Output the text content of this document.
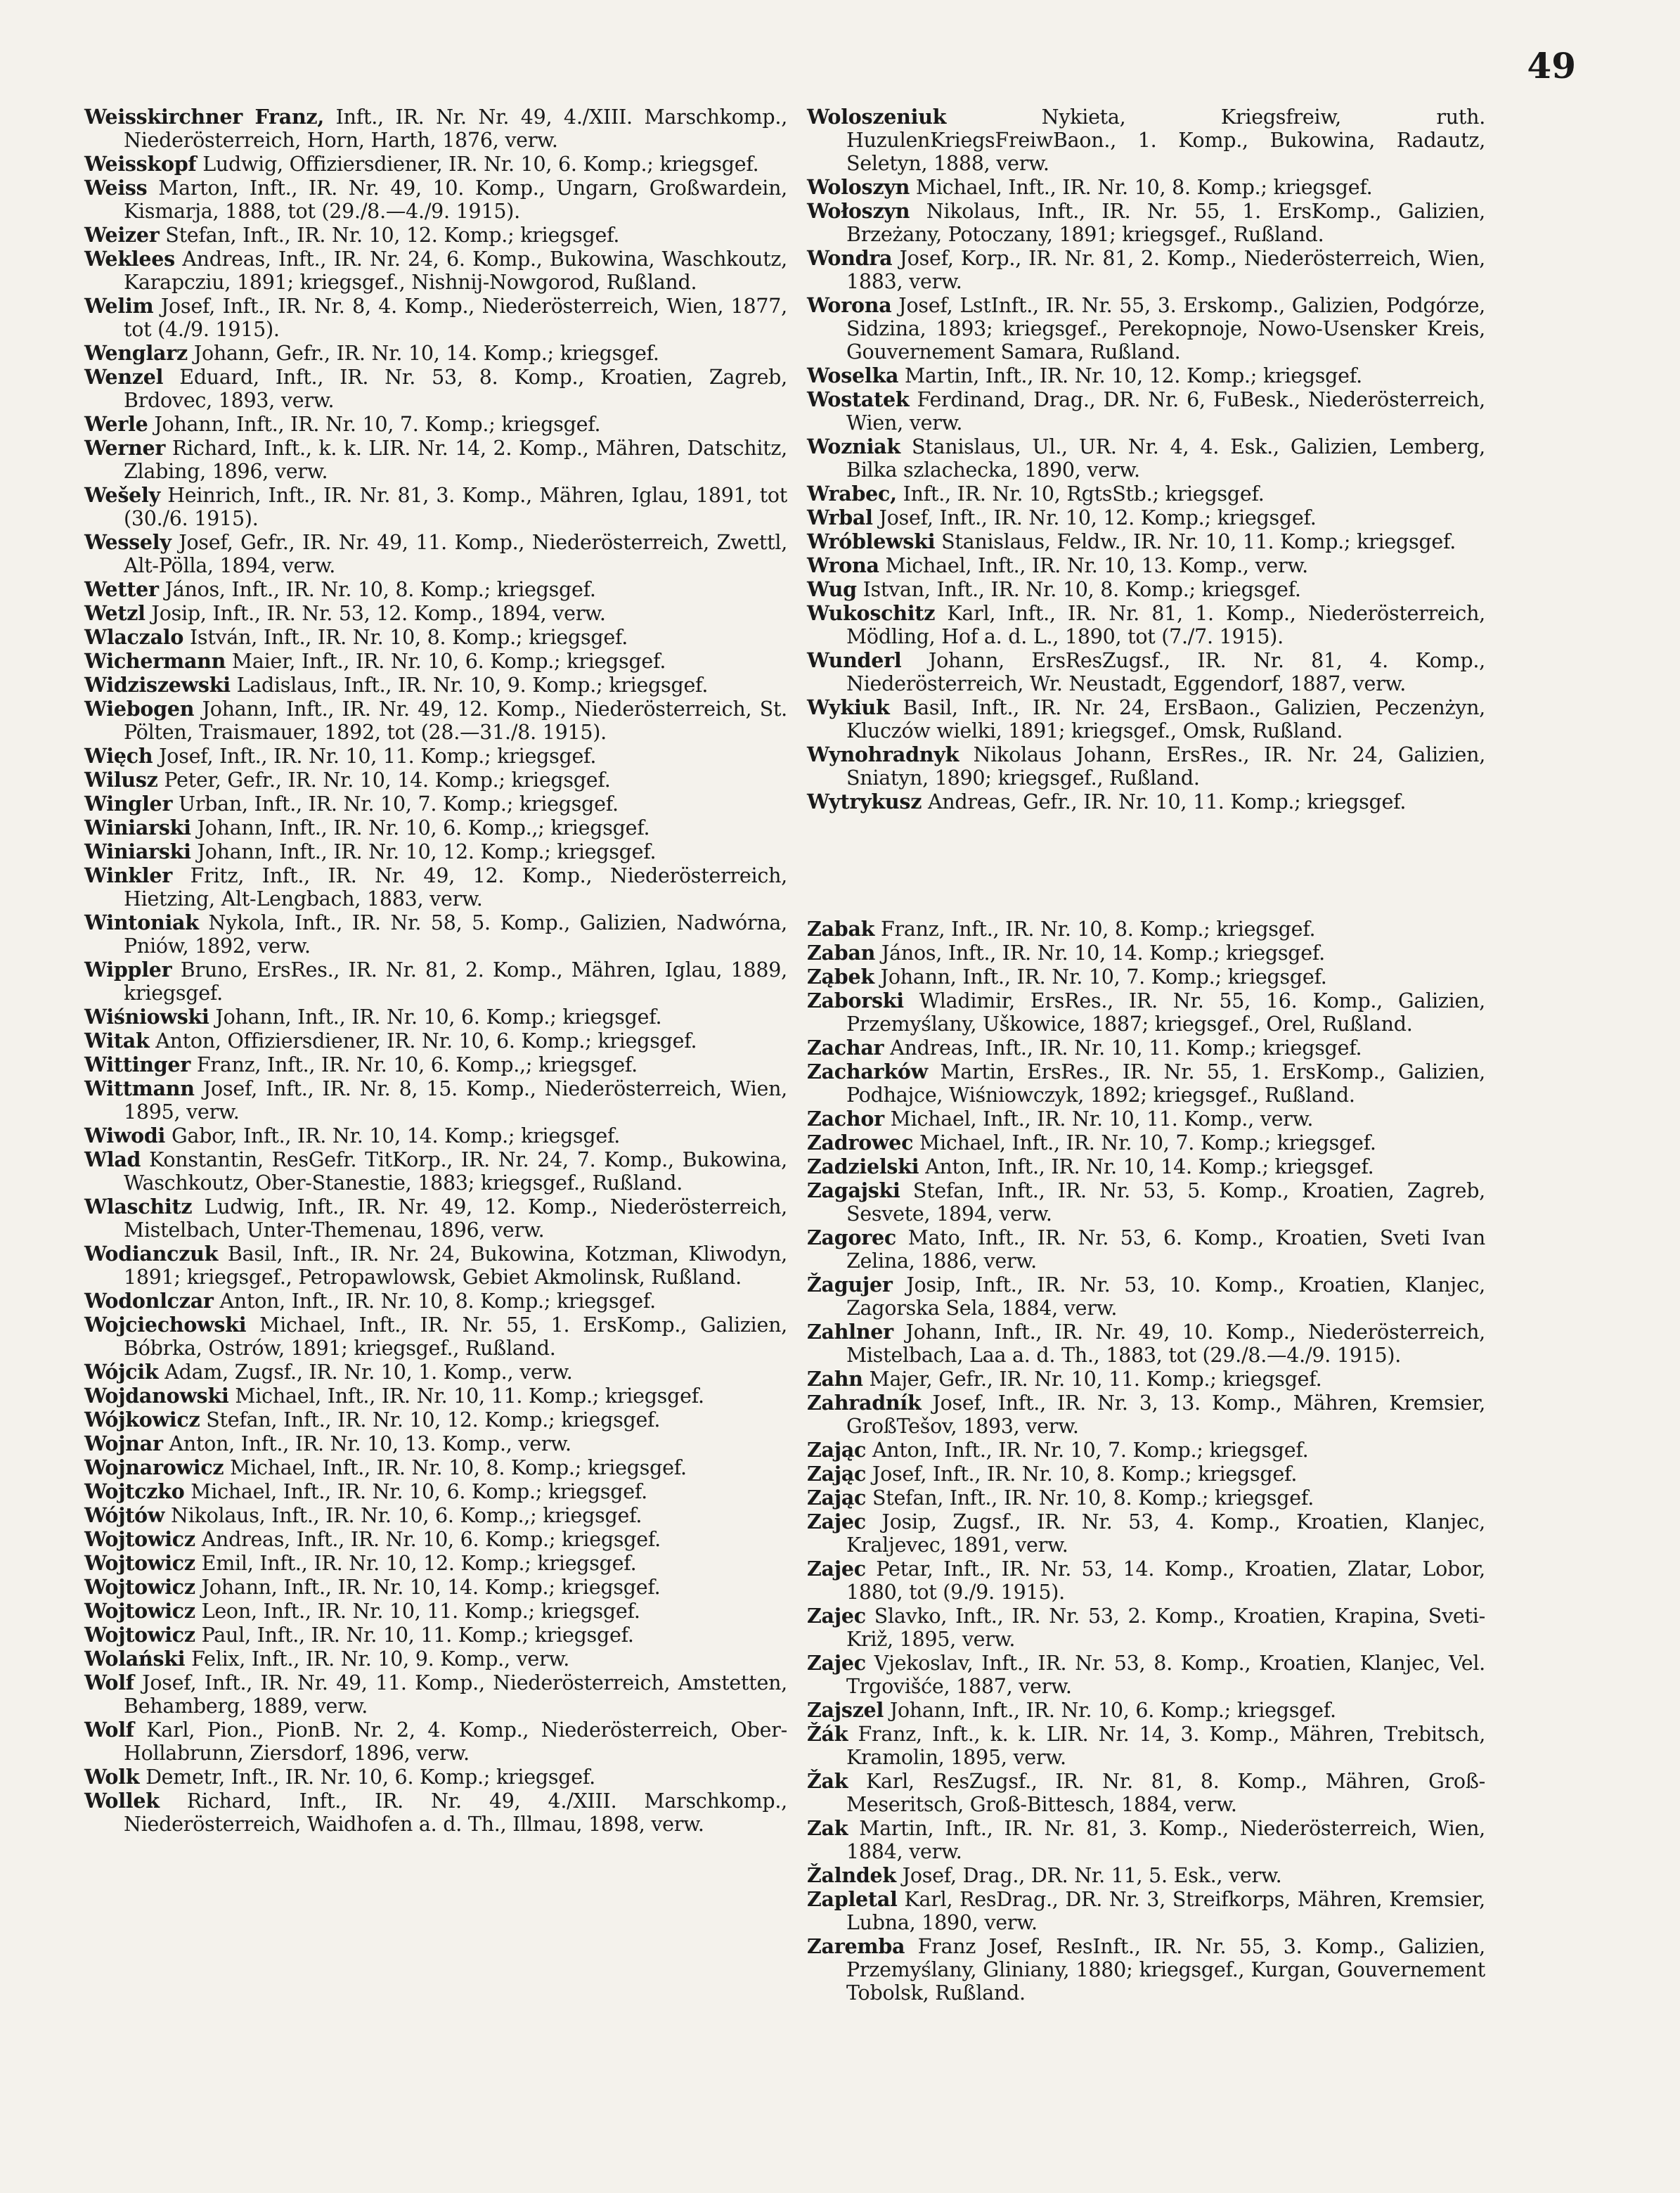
49

Weisskirchner Franz, Inft., IR. Nr. Nr. 49, 4./XIII. Marschkomp., Niederösterreich, Horn, Harth, 1876, verw.

Weisskopf Ludwig, Offiziersdiener, IR. Nr. 10, 6. Komp.; kriegsgef.

Weiss Marton, Inft., IR. Nr. 49, 10. Komp., Ungarn, Großwardein, Kismarja, 1888, tot (29./8.—4./9. 1915).

Weizer Stefan, Inft., IR. Nr. 10, 12. Komp.; kriegsgef.

Weklees Andreas, Inft., IR. Nr. 24, 6. Komp., Bukowina, Waschkoutz, Karapcziu, 1891; kriegsgef., Nishnij-Nowgorod, Rußland.

Welim Josef, Inft., IR. Nr. 8, 4. Komp., Niederösterreich, Wien, 1877, tot (4./9. 1915).

Wenglarz Johann, Gefr., IR. Nr. 10, 14. Komp.; kriegsgef.

Wenzel Eduard, Inft., IR. Nr. 53, 8. Komp., Kroatien, Zagreb, Brdovec, 1893, verw.

Werle Johann, Inft., IR. Nr. 10, 7. Komp.; kriegsgef.

Werner Richard, Inft., k. k. LIR. Nr. 14, 2. Komp., Mähren, Datschitz, Zlabing, 1896, verw.

Wešely Heinrich, Inft., IR. Nr. 81, 3. Komp., Mähren, Iglau, 1891, tot (30./6. 1915).

Wessely Josef, Gefr., IR. Nr. 49, 11. Komp., Niederösterreich, Zwettl, Alt-Pölla, 1894, verw.

Wetter János, Inft., IR. Nr. 10, 8. Komp.; kriegsgef.

Wetzl Josip, Inft., IR. Nr. 53, 12. Komp., 1894, verw.

Wlaczalo István, Inft., IR. Nr. 10, 8. Komp.; kriegsgef.

Wichermann Maier, Inft., IR. Nr. 10, 6. Komp.; kriegsgef.

Widziszewski Ladislaus, Inft., IR. Nr. 10, 9. Komp.; kriegsgef.

Wiebogen Johann, Inft., IR. Nr. 49, 12. Komp., Niederösterreich, St. Pölten, Traismauer, 1892, tot (28.—31./8. 1915).

Więch Josef, Inft., IR. Nr. 10, 11. Komp.; kriegsgef.

Wilusz Peter, Gefr., IR. Nr. 10, 14. Komp.; kriegsgef.

Wingler Urban, Inft., IR. Nr. 10, 7. Komp.; kriegsgef.

Winiarski Johann, Inft., IR. Nr. 10, 6. Komp.,; kriegsgef.

Winiarski Johann, Inft., IR. Nr. 10, 12. Komp.; kriegsgef.

Winkler Fritz, Inft., IR. Nr. 49, 12. Komp., Niederösterreich, Hietzing, Alt-Lengbach, 1883, verw.

Wintoniak Nykola, Inft., IR. Nr. 58, 5. Komp., Galizien, Nadwórna, Pniów, 1892, verw.

Wippler Bruno, ErsRes., IR. Nr. 81, 2. Komp., Mähren, Iglau, 1889, kriegsgef.

Wiśniowski Johann, Inft., IR. Nr. 10, 6. Komp.; kriegsgef.

Witak Anton, Offiziersdiener, IR. Nr. 10, 6. Komp.; kriegsgef.

Wittinger Franz, Inft., IR. Nr. 10, 6. Komp.,; kriegsgef.

Wittmann Josef, Inft., IR. Nr. 8, 15. Komp., Niederösterreich, Wien, 1895, verw.

Wiwodi Gabor, Inft., IR. Nr. 10, 14. Komp.; kriegsgef.

Wlad Konstantin, ResGefr. TitKorp., IR. Nr. 24, 7. Komp., Bukowina, Waschkoutz, Ober-Stanestie, 1883; kriegsgef., Rußland.

Wlaschitz Ludwig, Inft., IR. Nr. 49, 12. Komp., Niederösterreich, Mistelbach, Unter-Themenau, 1896, verw.

Wodianczuk Basil, Inft., IR. Nr. 24, Bukowina, Kotzman, Kliwodyn, 1891; kriegsgef., Petropawlowsk, Gebiet Akmolinsk, Rußland.

Wodonlczar Anton, Inft., IR. Nr. 10, 8. Komp.; kriegsgef.

Wojciechowski Michael, Inft., IR. Nr. 55, 1. ErsKomp., Galizien, Bóbrka, Ostrów, 1891; kriegsgef., Rußland.

Wójcik Adam, Zugsf., IR. Nr. 10, 1. Komp., verw.

Wojdanowski Michael, Inft., IR. Nr. 10, 11. Komp.; kriegsgef.

Wójkowicz Stefan, Inft., IR. Nr. 10, 12. Komp.; kriegsgef.

Wojnar Anton, Inft., IR. Nr. 10, 13. Komp., verw.

Wojnarowicz Michael, Inft., IR. Nr. 10, 8. Komp.; kriegsgef.

Wojtczko Michael, Inft., IR. Nr. 10, 6. Komp.; kriegsgef.

Wójtów Nikolaus, Inft., IR. Nr. 10, 6. Komp.,; kriegsgef.

Wojtowicz Andreas, Inft., IR. Nr. 10, 6. Komp.; kriegsgef.

Wojtowicz Emil, Inft., IR. Nr. 10, 12. Komp.; kriegsgef.

Wojtowicz Johann, Inft., IR. Nr. 10, 14. Komp.; kriegsgef.

Wojtowicz Leon, Inft., IR. Nr. 10, 11. Komp.; kriegsgef.

Wojtowicz Paul, Inft., IR. Nr. 10, 11. Komp.; kriegsgef.

Wolański Felix, Inft., IR. Nr. 10, 9. Komp., verw.

Wolf Josef, Inft., IR. Nr. 49, 11. Komp., Niederösterreich, Amstetten, Behamberg, 1889, verw.

Wolf Karl, Pion., PionB. Nr. 2, 4. Komp., Niederösterreich, Ober-Hollabrunn, Ziersdorf, 1896, verw.

Wolk Demetr, Inft., IR. Nr. 10, 6. Komp.; kriegsgef.

Wollek Richard, Inft., IR. Nr. 49, 4./XIII. Marschkomp., Niederösterreich, Waidhofen a. d. Th., Illmau, 1898, verw.

Woloszeniuk Nykieta, Kriegsfreiw, ruth. HuzulenKriegsFreiwBaon., 1. Komp., Bukowina, Radautz, Seletyn, 1888, verw.

Woloszyn Michael, Inft., IR. Nr. 10, 8. Komp.; kriegsgef.

Wołoszyn Nikolaus, Inft., IR. Nr. 55, 1. ErsKomp., Galizien, Brzeżany, Potoczany, 1891; kriegsgef., Rußland.

Wondra Josef, Korp., IR. Nr. 81, 2. Komp., Niederösterreich, Wien, 1883, verw.

Worona Josef, LstInft., IR. Nr. 55, 3. Erskomp., Galizien, Podgórze, Sidzina, 1893; kriegsgef., Perekopnoje, Nowo-Usensker Kreis, Gouvernement Samara, Rußland.

Woselka Martin, Inft., IR. Nr. 10, 12. Komp.; kriegsgef.

Wostatek Ferdinand, Drag., DR. Nr. 6, FuBesk., Niederösterreich, Wien, verw.

Wozniak Stanislaus, Ul., UR. Nr. 4, 4. Esk., Galizien, Lemberg, Bilka szlachecka, 1890, verw.

Wrabec, Inft., IR. Nr. 10, RgtsStb.; kriegsgef.

Wrbal Josef, Inft., IR. Nr. 10, 12. Komp.; kriegsgef.

Wróblewski Stanislaus, Feldw., IR. Nr. 10, 11. Komp.; kriegsgef.

Wrona Michael, Inft., IR. Nr. 10, 13. Komp., verw.

Wug Istvan, Inft., IR. Nr. 10, 8. Komp.; kriegsgef.

Wukoschitz Karl, Inft., IR. Nr. 81, 1. Komp., Niederösterreich, Mödling, Hof a. d. L., 1890, tot (7./7. 1915).

Wunderl Johann, ErsResZugsf., IR. Nr. 81, 4. Komp., Niederösterreich, Wr. Neustadt, Eggendorf, 1887, verw.

Wykiuk Basil, Inft., IR. Nr. 24, ErsBaon., Galizien, Peczenżyn, Kluczów wielki, 1891; kriegsgef., Omsk, Rußland.

Wynohradnyk Nikolaus Johann, ErsRes., IR. Nr. 24, Galizien, Sniatyn, 1890; kriegsgef., Rußland.

Wytrykusz Andreas, Gefr., IR. Nr. 10, 11. Komp.; kriegsgef.

Zabak Franz, Inft., IR. Nr. 10, 8. Komp.; kriegsgef.

Zaban János, Inft., IR. Nr. 10, 14. Komp.; kriegsgef.

Ząbek Johann, Inft., IR. Nr. 10, 7. Komp.; kriegsgef.

Zaborski Wladimir, ErsRes., IR. Nr. 55, 16. Komp., Galizien, Przemyślany, Uškowice, 1887; kriegsgef., Orel, Rußland.

Zachar Andreas, Inft., IR. Nr. 10, 11. Komp.; kriegsgef.

Zacharków Martin, ErsRes., IR. Nr. 55, 1. ErsKomp., Galizien, Podhajce, Wiśniowczyk, 1892; kriegsgef., Rußland.

Zachor Michael, Inft., IR. Nr. 10, 11. Komp., verw.

Zadrowec Michael, Inft., IR. Nr. 10, 7. Komp.; kriegsgef.

Zadzielski Anton, Inft., IR. Nr. 10, 14. Komp.; kriegsgef.

Zagajski Stefan, Inft., IR. Nr. 53, 5. Komp., Kroatien, Zagreb, Sesvete, 1894, verw.

Zagorec Mato, Inft., IR. Nr. 53, 6. Komp., Kroatien, Sveti Ivan Zelina, 1886, verw.

Žagujer Josip, Inft., IR. Nr. 53, 10. Komp., Kroatien, Klanjec, Zagorska Sela, 1884, verw.

Zahlner Johann, Inft., IR. Nr. 49, 10. Komp., Niederösterreich, Mistelbach, Laa a. d. Th., 1883, tot (29./8.—4./9. 1915).

Zahn Majer, Gefr., IR. Nr. 10, 11. Komp.; kriegsgef.

Zahradník Josef, Inft., IR. Nr. 3, 13. Komp., Mähren, Kremsier, GroßTešov, 1893, verw.

Zając Anton, Inft., IR. Nr. 10, 7. Komp.; kriegsgef.

Zając Josef, Inft., IR. Nr. 10, 8. Komp.; kriegsgef.

Zając Stefan, Inft., IR. Nr. 10, 8. Komp.; kriegsgef.

Zajec Josip, Zugsf., IR. Nr. 53, 4. Komp., Kroatien, Klanjec, Kraljevec, 1891, verw.

Zajec Petar, Inft., IR. Nr. 53, 14. Komp., Kroatien, Zlatar, Lobor, 1880, tot (9./9. 1915).

Zajec Slavko, Inft., IR. Nr. 53, 2. Komp., Kroatien, Krapina, Sveti-Križ, 1895, verw.

Zajec Vjekoslav, Inft., IR. Nr. 53, 8. Komp., Kroatien, Klanjec, Vel. Trgovišće, 1887, verw.

Zajszel Johann, Inft., IR. Nr. 10, 6. Komp.; kriegsgef.

Žák Franz, Inft., k. k. LIR. Nr. 14, 3. Komp., Mähren, Trebitsch, Kramolin, 1895, verw.

Žak Karl, ResZugsf., IR. Nr. 81, 8. Komp., Mähren, Groß-Meseritsch, Groß-Bittesch, 1884, verw.

Zak Martin, Inft., IR. Nr. 81, 3. Komp., Niederösterreich, Wien, 1884, verw.

Žalndek Josef, Drag., DR. Nr. 11, 5. Esk., verw.

Zapletal Karl, ResDrag., DR. Nr. 3, Streifkorps, Mähren, Kremsier, Lubna, 1890, verw.

Zaremba Franz Josef, ResInft., IR. Nr. 55, 3. Komp., Galizien, Przemyślany, Gliniany, 1880; kriegsgef., Kurgan, Gouvernement Tobolsk, Rußland.
